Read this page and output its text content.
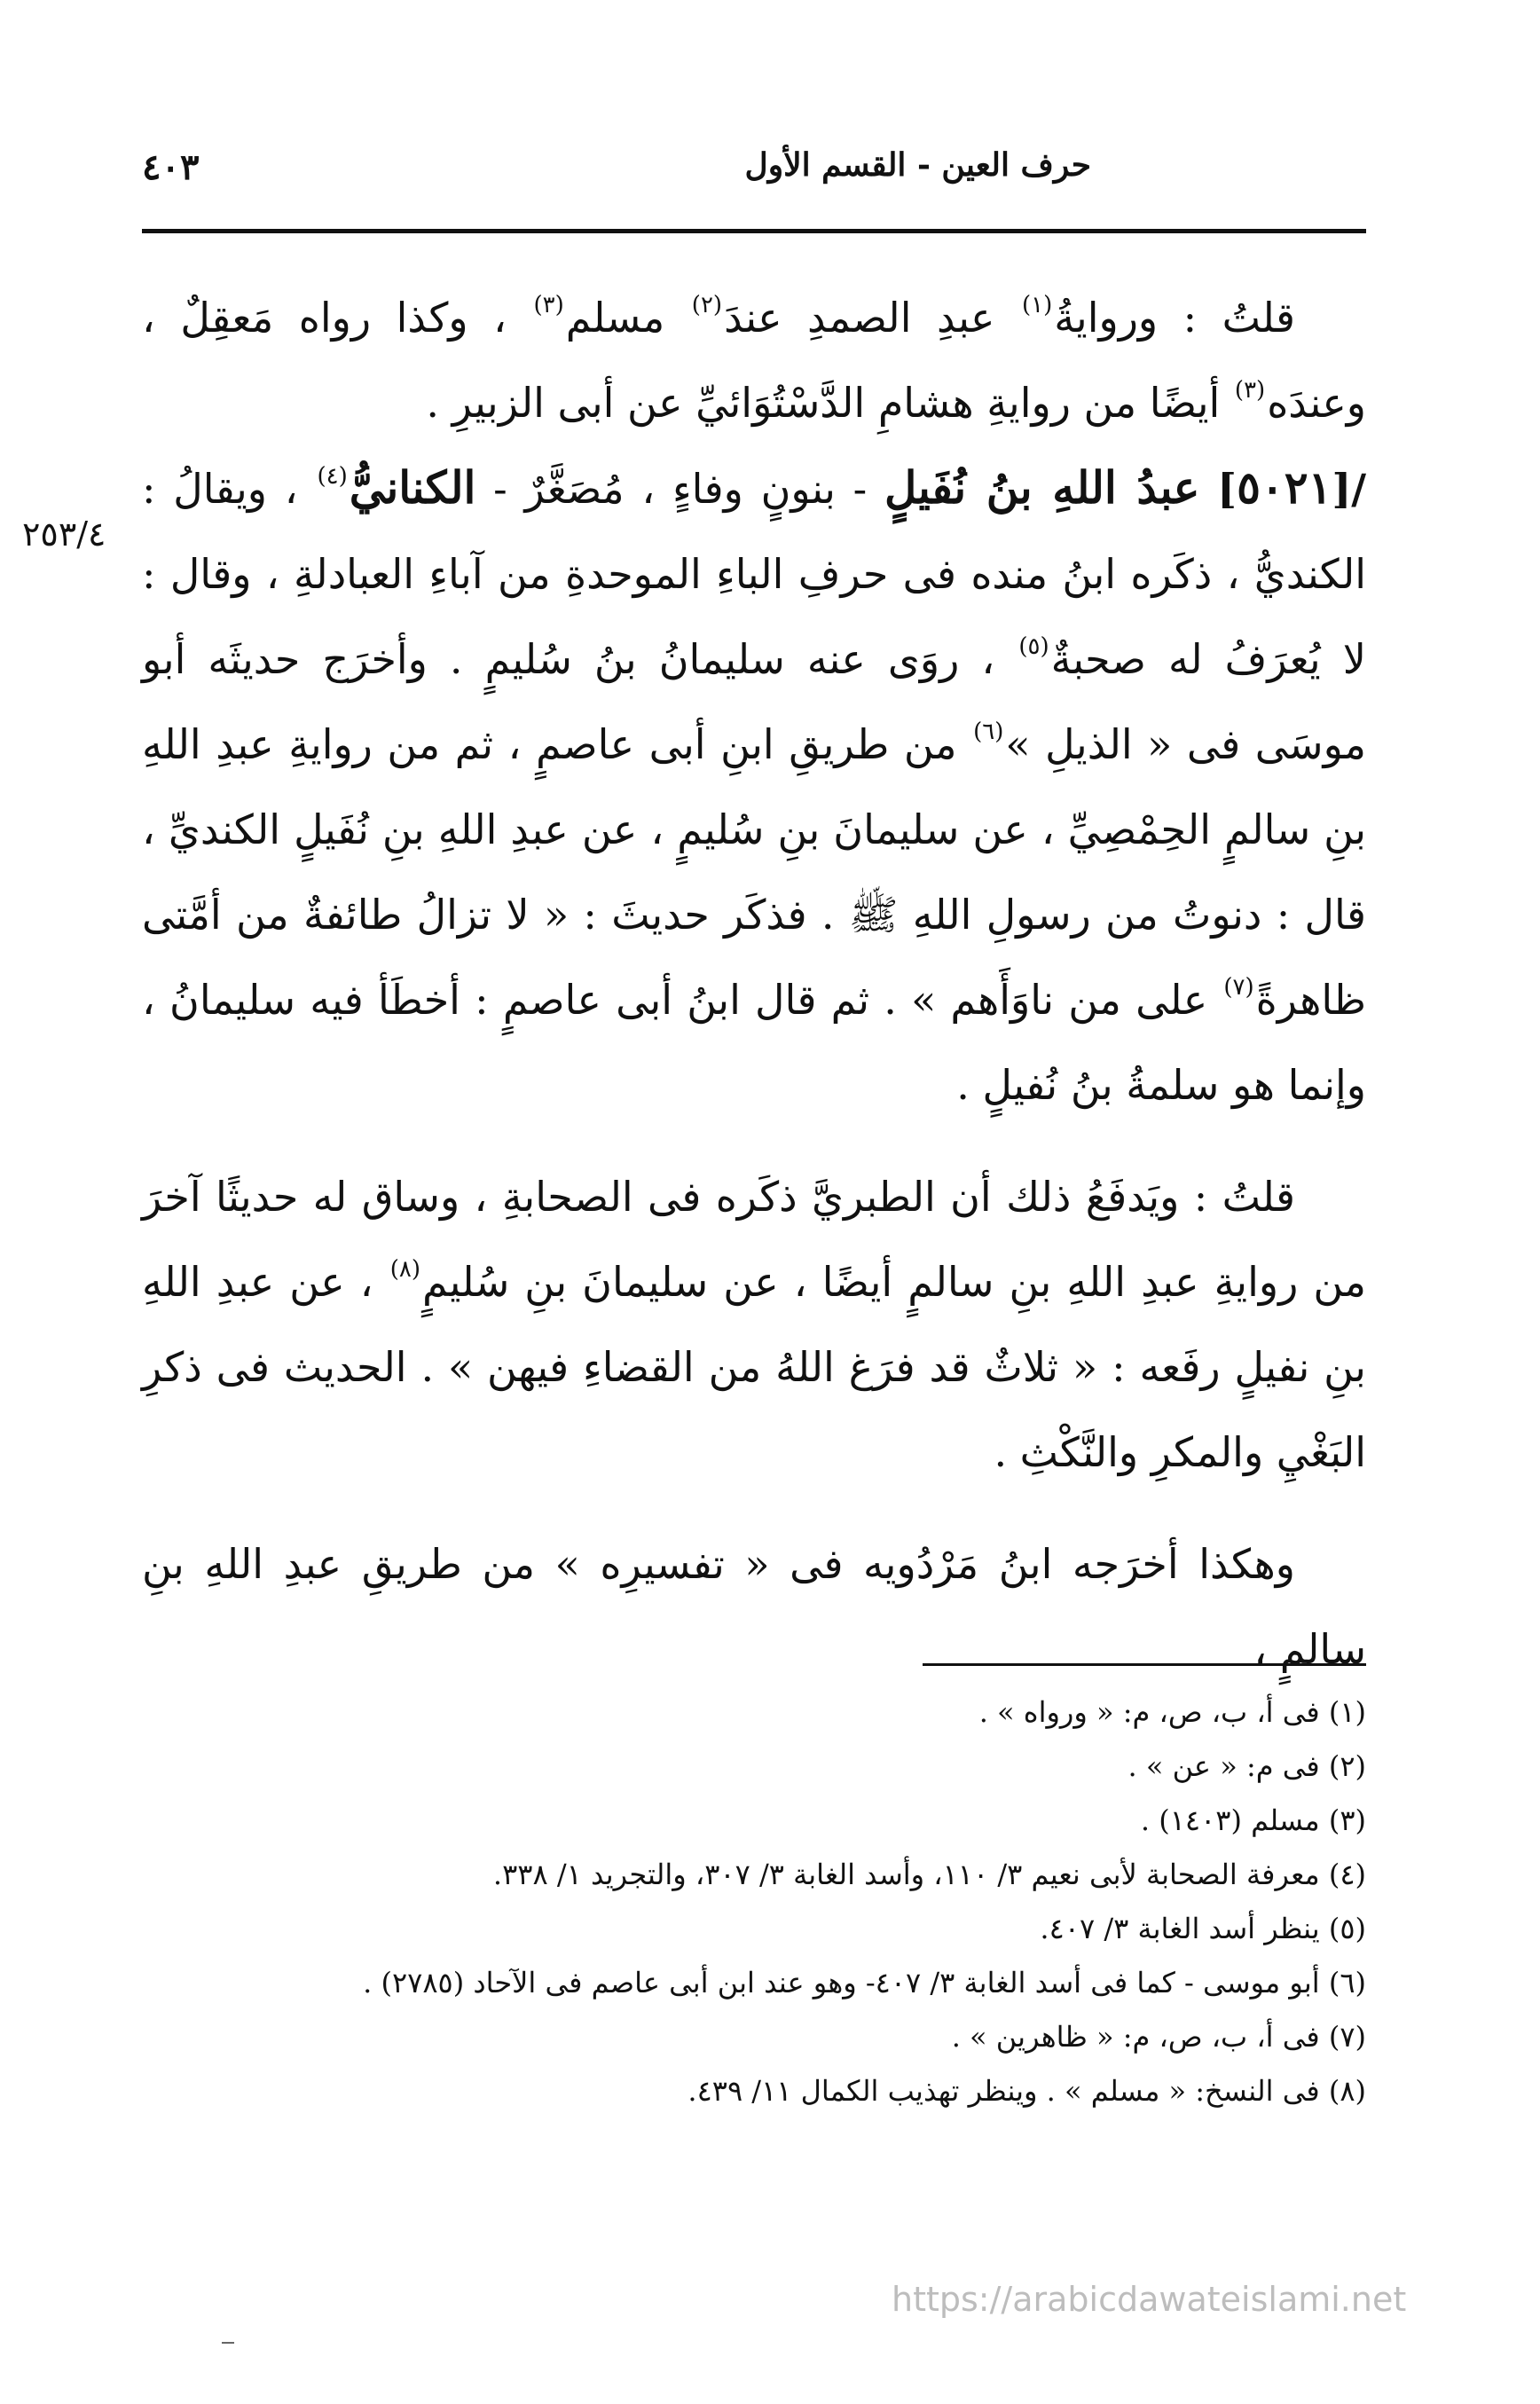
٤٠٣	حرف العين - القسم الأول
٢٥٣/٤

قلتُ : وروايةُ$^{(١)}$ عبدِ الصمدِ عندَ$^{(٢)}$ مسلم$^{(٣)}$ ، وكذا رواه مَعقِلٌ ، وعندَه$^{(٣)}$ أيضًا من روايةِ هشامِ الدَّسْتُوَائيِّ عن أبى الزبيرِ .

/[٥٠٢١] عبدُ اللهِ بنُ نُفَيلٍ - بنونٍ وفاءٍ ، مُصَغَّرٌ - الكنانيُّ$^{(٤)}$ ، ويقالُ : الكنديُّ ، ذكَره ابنُ منده فى حرفِ الباءِ الموحدةِ من آباءِ العبادلةِ ، وقال : لا يُعرَفُ له صحبةٌ$^{(٥)}$ ، روَى عنه سليمانُ بنُ سُليمٍ . وأخرَج حديثَه أبو موسَى فى « الذيلِ »$^{(٦)}$ من طريقِ ابنِ أبى عاصمٍ ، ثم من روايةِ عبدِ اللهِ بنِ سالمٍ الحِمْصِيِّ ، عن سليمانَ بنِ سُليمٍ ، عن عبدِ اللهِ بنِ نُفَيلٍ الكنديِّ ، قال : دنوتُ من رسولِ اللهِ ﷺ . فذكَر حديثَ : « لا تزالُ طائفةٌ من أمَّتى ظاهرةً$^{(٧)}$ على من ناوَأَهم » . ثم قال ابنُ أبى عاصمٍ : أخطَأ فيه سليمانُ ، وإنما هو سلمةُ بنُ نُفيلٍ .

قلتُ : ويَدفَعُ ذلك أن الطبريَّ ذكَره فى الصحابةِ ، وساق له حديثًا آخرَ من روايةِ عبدِ اللهِ بنِ سالمٍ أيضًا ، عن سليمانَ بنِ سُليمٍ$^{(٨)}$ ، عن عبدِ اللهِ بنِ نفيلٍ رفَعه : « ثلاثٌ قد فرَغ اللهُ من القضاءِ فيهن » . الحديث فى ذكرِ البَغْيِ والمكرِ والنَّكْثِ .

وهكذا أخرَجه ابنُ مَرْدُويه فى « تفسيرِه » من طريقِ عبدِ اللهِ بنِ سالمٍ ،

(١) فى أ، ب، ص، م: « ورواه » .
(٢) فى م: « عن » .
(٣) مسلم (١٤٠٣) .
(٤) معرفة الصحابة لأبى نعيم ٣/ ١١٠، وأسد الغابة ٣/ ٣٠٧، والتجريد ١/ ٣٣٨.
(٥) ينظر أسد الغابة ٣/ ٤٠٧.
(٦) أبو موسى - كما فى أسد الغابة ٣/ ٤٠٧- وهو عند ابن أبى عاصم فى الآحاد (٢٧٨٥) .
(٧) فى أ، ب، ص، م: « ظاهرين » .
(٨) فى النسخ: « مسلم » . وينظر تهذيب الكمال ١١/ ٤٣٩.
https://arabicdawateislami.net
